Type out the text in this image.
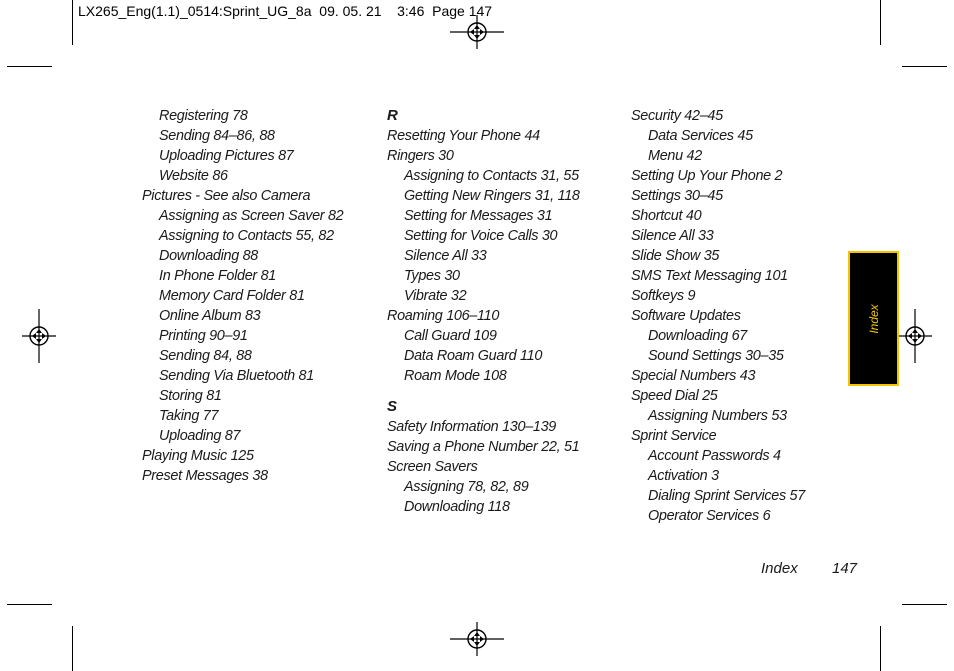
LX265_Eng(1.1)_0514:Sprint_UG_8a  09. 05. 21    3:46  Page 147
Registering 78
Sending 84–86, 88
Uploading Pictures 87
Website 86
Pictures - See also Camera
Assigning as Screen Saver 82
Assigning to Contacts 55, 82
Downloading 88
In Phone Folder 81
Memory Card Folder 81
Online Album 83
Printing 90–91
Sending 84, 88
Sending Via Bluetooth 81
Storing 81
Taking 77
Uploading 87
Playing Music 125
Preset Messages 38
R
Resetting Your Phone 44
Ringers 30
Assigning to Contacts 31, 55
Getting New Ringers 31, 118
Setting for Messages 31
Setting for Voice Calls 30
Silence All 33
Types 30
Vibrate 32
Roaming 106–110
Call Guard 109
Data Roam Guard 110
Roam Mode 108
S
Safety Information 130–139
Saving a Phone Number 22, 51
Screen Savers
Assigning 78, 82, 89
Downloading 118
Security 42–45
Data Services 45
Menu 42
Setting Up Your Phone 2
Settings 30–45
Shortcut 40
Silence All 33
Slide Show 35
SMS Text Messaging 101
Softkeys 9
Software Updates
Downloading 67
Sound Settings 30–35
Special Numbers 43
Speed Dial 25
Assigning Numbers 53
Sprint Service
Account Passwords 4
Activation 3
Dialing Sprint Services 57
Operator Services 6
Index
Index 147
